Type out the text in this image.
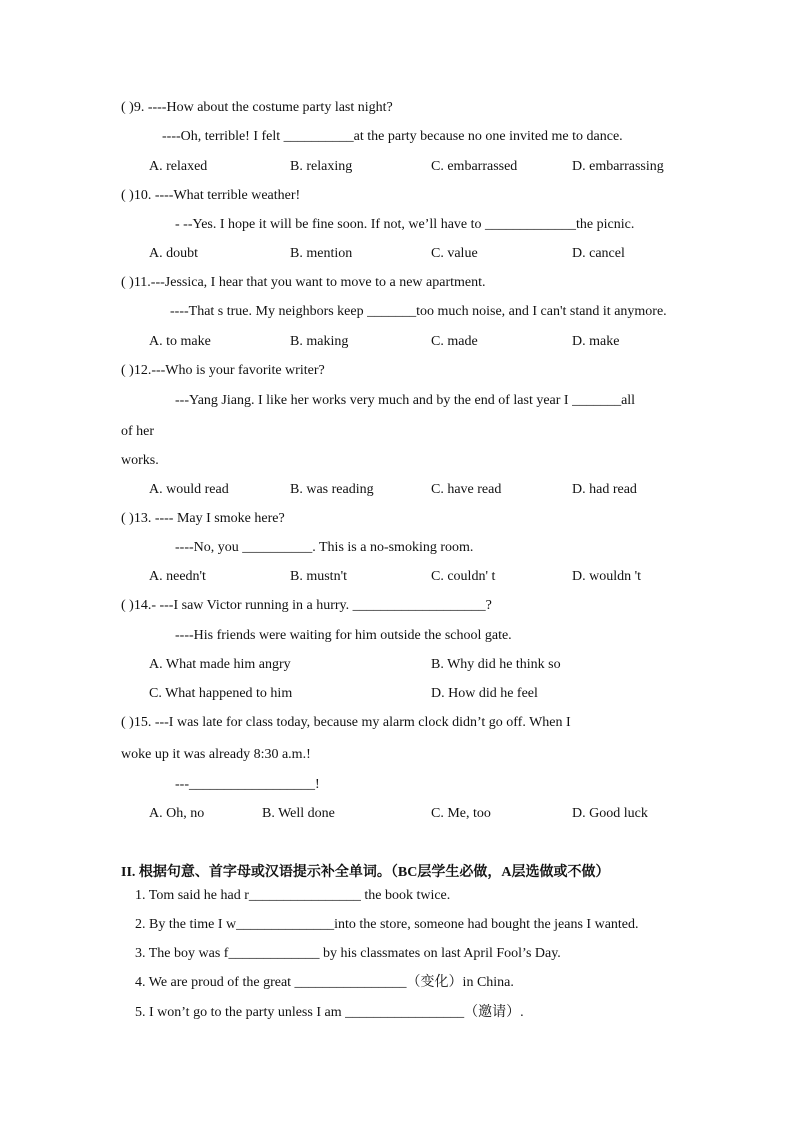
( )9. ----How about the costume party last night?
----Oh, terrible! I felt __________at the party because no one invited me to dance.
A. relaxed	B. relaxing	C. embarrassed	D. embarrassing
( )10. ----What terrible weather!
- --Yes. I hope it will be fine soon. If not, we’ll have to _____________the picnic.
A. doubt	B. mention	C. value	D. cancel
( )11.---Jessica, I hear that you want to move to a new apartment.
----That s true. My neighbors keep _______too much noise, and I can't stand it anymore.
A. to make	B. making	C. made	D. make
( )12.---Who is your favorite writer?
---Yang Jiang. I like her works very much and by the end of last year I _______all
of her
works.
A. would read	B. was reading	C. have read	D. had read
( )13. ---- May I smoke here?
----No, you __________. This is a no-smoking room.
A. needn't	B. mustn't	C. couldn' t	D. wouldn 't
( )14.- ---I saw Victor running in a hurry. ___________________?
----His friends were waiting for him outside the school gate.
A. What made him angry	B. Why did he think so
C. What happened to him	D. How did he feel
( )15. ---I was late for class today, because my alarm clock didn’t go off. When I
woke up it was already 8:30 a.m.!
---__________________!
A. Oh, no	B. Well done	C. Me, too	D. Good luck
II. 根据句意、首字母或汉语提示补全单词。（BC层学生必做，A层选做或不做）
1. Tom said he had r________________ the book twice.
2. By the time I w______________into the store, someone had bought the jeans I wanted.
3. The boy was f_____________ by his classmates on last April Fool’s Day.
4. We are proud of the great ________________（变化）in China.
5. I won’t go to the party unless I am _________________（邀请）.
